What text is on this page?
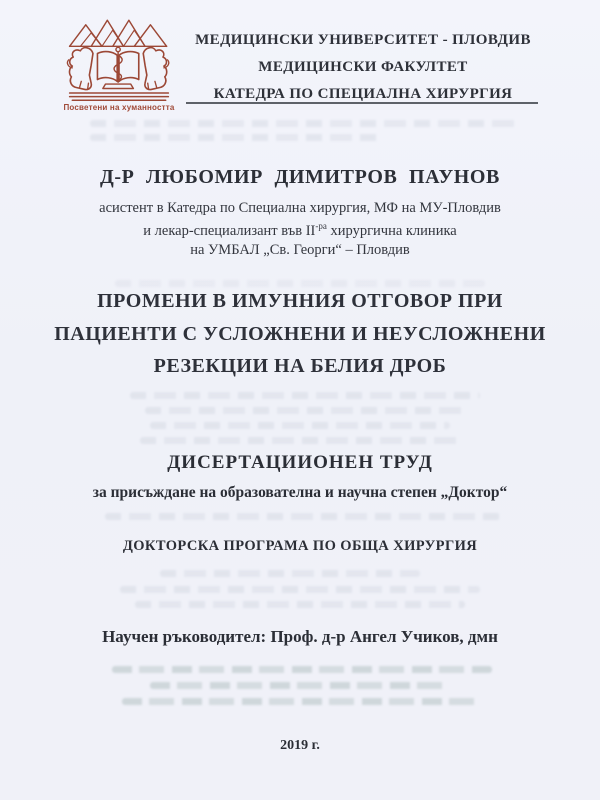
Посветени на хуманността
МЕДИЦИНСКИ УНИВЕРСИТЕТ - ПЛОВДИВ
МЕДИЦИНСКИ ФАКУЛТЕТ
КАТЕДРА ПО СПЕЦИАЛНА ХИРУРГИЯ
Д-Р ЛЮБОМИР ДИМИТРОВ ПАУНОВ
асистент в Катедра по Специална хирургия, МФ на МУ-Пловдив
и лекар-специализант във $II^{-ра}$ хирургична клиника
на УМБАЛ „Св. Георги“ – Пловдив
ПРОМЕНИ В ИМУННИЯ ОТГОВОР ПРИ
ПАЦИЕНТИ С УСЛОЖНЕНИ И НЕУСЛОЖНЕНИ
РЕЗЕКЦИИ НА БЕЛИЯ ДРОБ
ДИСЕРТАЦИИОНЕН ТРУД
за присъждане на образователна и научна степен „Доктор“
ДОКТОРСКА ПРОГРАМА ПО ОБЩА ХИРУРГИЯ
Научен ръководител: Проф. д-р Ангел Учиков, дмн
2019 г.
